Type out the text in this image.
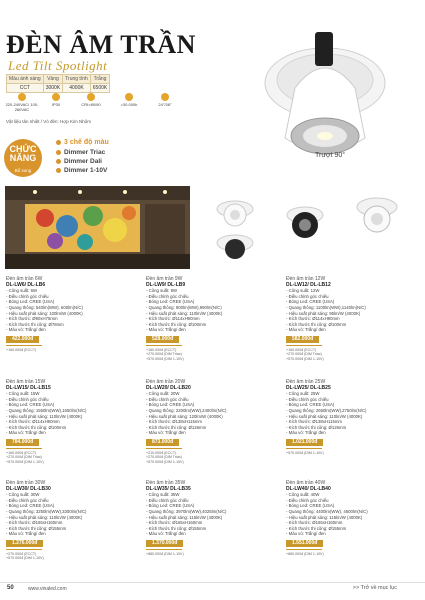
ĐÈN ÂM TRẦN
Led Tilt Spotlight
Màu ánh sáng	Vàng	Trung tính	Trắng
CCT	3000K	4000K	6500K
220-240VAC/ 100-260VAC
IP30	CRI>80/90	>30.000h	24°/38°
Vật liệu tản nhiệt / Vỏ đèn: Hợp Kim Nhôm
CHỨC NĂNG
Bổ sung
3 chế độ màu
Dimmer Triac
Dimmer Dali
Dimmer 1-10V
Trượt 90°
Đèn âm trần 6W
DL-LW6/ DL-LB6
- Công suất: 6W
- Điều chỉnh góc chiếu
- Bóng Led: CREE (USA)
- Quang thông: 540lm(WW), 600lm(N/C)
- Hiệu suất phát sáng: 100lm/W (4000K)
- Kích thước: Ø90xH75mm
- Kích thước thi công: Ø78mm
- Màu vỏ: Trắng/ đen
422.000đ
+160.000đ (ECCT)
Đèn âm trần 9W
DL-LW9/ DL-LB9
- Công suất: 9W
- Điều chỉnh góc chiếu
- Bóng Led: CREE (USA)
- Quang thông: 900lm(WW),990lm(N/C)
- Hiệu suất phát sáng: 110lm/W (4000K)
- Kích thước: Ø114xH90mm
- Kích thước thi công: Ø100mm
- Màu vỏ: Trắng/ đen
528.000đ
+160.000đ (ECCT)
+270.000đ (DIM Triac)
+570.000đ (DIM 1-10V)
Đèn âm trần 12W
DL-LW12/ DL-LB12
- Công suất: 12W
- Điều chỉnh góc chiếu
- Bóng Led: CREE (USA)
- Quang thông: 1100lm(WW),1140lm(N/C)
- Hiệu suất phát sáng: 95lm/W (4000K)
- Kích thước: Ø114xH90mm
- Kích thước thi công: Ø100mm
- Màu vỏ: Trắng/ đen
582.000đ
+160.000đ (ECCT)
+270.000đ (DIM Triac)
+570.000đ (DIM 1-10V)
Đèn âm trần 15W
DL-LW15/ DL-LB15
- Công suất: 15W
- Điều chỉnh góc chiếu
- Bóng Led: CREE (USA)
- Quang thông: 1550lm(WW),1650lm(N/C)
- Hiệu suất phát sáng: 110lm/W (4000K)
- Kích thước: Ø114xH90mm
- Kích thước thi công: Ø100mm
- Màu vỏ: Trắng/ đen
784.000đ
+160.000đ (ECCT)
+270.000đ (DIM Triac)
+570.000đ (DIM 1-10V)
Đèn âm trần 20W
DL-LW20/ DL-LB20
- Công suất: 20W
- Điều chỉnh góc chiếu
- Bóng Led: CREE (USA)
- Quang thông: 2200lm(WW),2400lm(N/C)
- Hiệu suất phát sáng: 120lm/W (4000K)
- Kích thước: Ø138xH115mm
- Kích thước thi công: Ø126mm
- Màu vỏ: Trắng/ đen
873.000đ
+210.000đ (ECCT)
+270.000đ (DIM Triac)
+570.000đ (DIM 1-10V)
Đèn âm trần 25W
DL-LW25/ DL-LB25
- Công suất: 25W
- Điều chỉnh góc chiếu
- Bóng Led: CREE (USA)
- Quang thông: 2650lm(WW),2750lm(N/C)
- Hiệu suất phát sáng: 110lm/W (4000K)
- Kích thước: Ø138xH115mm
- Kích thước thi công: Ø126mm
- Màu vỏ: Trắng/ đen
1.021.000đ
+570.000đ (DIM 1-10V)
Đèn âm trần 30W
DL-LW30/ DL-LB30
- Công suất: 30W
- Điều chỉnh góc chiếu
- Bóng Led: CREE (USA)
- Quang thông: 3250lm(WW),3300lm(N/C)
- Hiệu suất phát sáng: 110lm/W (4000K)
- Kích thước: Ø165xH160mm
- Kích thước thi công: Ø155mm
- Màu vỏ: Trắng/ đen
1.276.000đ
+270.000đ (ECCT)
+570.000đ (DIM 1-10V)
Đèn âm trần 35W
DL-LW35/ DL-LB35
- Công suất: 35W
- Điều chỉnh góc chiếu
- Bóng Led: CREE (USA)
- Quang thông: 3970lm(WW),4025lm(N/C)
- Hiệu suất phát sáng: 115lm/W (4000K)
- Kích thước: Ø165xH160mm
- Kích thước thi công: Ø155mm
- Màu vỏ: Trắng/ đen
1.370.000đ
+880.000đ (DIM 1-10V)
Đèn âm trần 40W
DL-LW40/ DL-LB40
- Công suất: 40W
- Điều chỉnh góc chiếu
- Bóng Led: CREE (USA)
- Quang thông: 4400lm(WW), 4600lm(N/C)
- Hiệu suất phát sáng: 115lm/W (4000K)
- Kích thước: Ø165xH160mm
- Kích thước thi công: Ø155mm
- Màu vỏ: Trắng/ đen
1.551.000đ
+880.000đ (DIM 1-10V)
50	www.vinaled.com	>> Trở về mục lục
